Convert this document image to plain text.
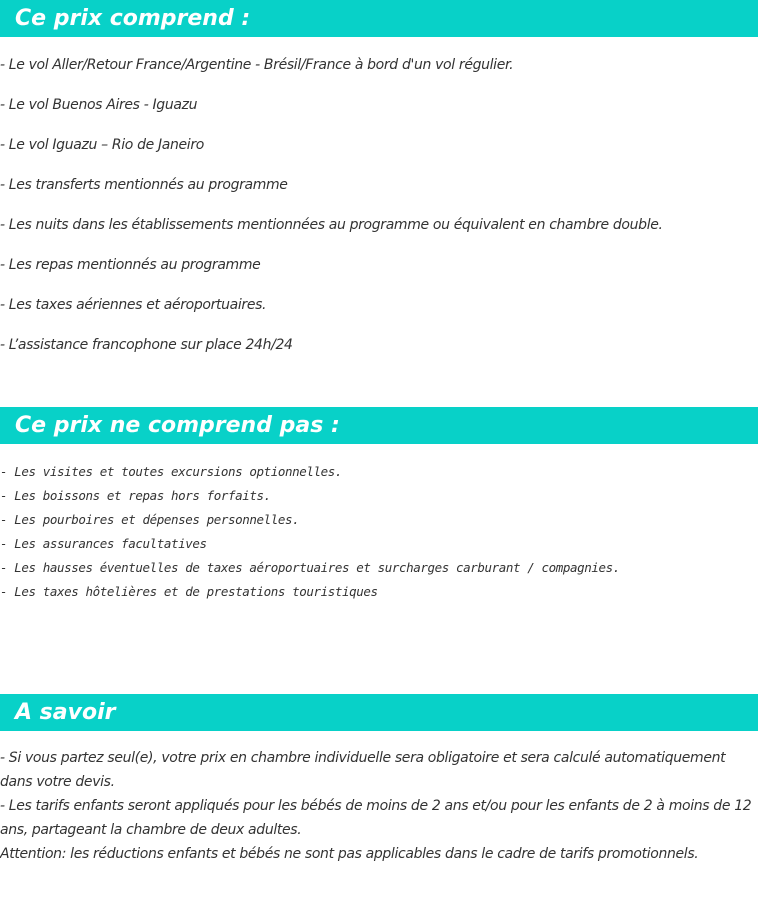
Ce prix comprend :
- Le vol Aller/Retour France/Argentine - Brésil/France à bord d'un vol régulier.
- Le vol Buenos Aires - Iguazu
- Le vol Iguazu – Rio de Janeiro
- Les transferts mentionnés au programme
- Les nuits dans les établissements mentionnées au programme ou équivalent en chambre double.
- Les repas mentionnés au programme
- Les taxes aériennes et aéroportuaires.
- L’assistance francophone sur place 24h/24
Ce prix ne comprend pas :
- Les visites et toutes excursions optionnelles.
- Les boissons et repas hors forfaits.
- Les pourboires et dépenses personnelles.
- Les assurances facultatives
- Les hausses éventuelles de taxes aéroportuaires et surcharges carburant / compagnies.
- Les taxes hôtelières et de prestations touristiques
A savoir

- Si vous partez seul(e), votre prix en chambre individuelle sera obligatoire et sera calculé automatiquement dans votre devis.

- Les tarifs enfants seront appliqués pour les bébés de moins de 2 ans et/ou pour les enfants de 2 à moins de 12 ans, partageant la chambre de deux adultes.

Attention: les réductions enfants et bébés ne sont pas applicables dans le cadre de tarifs promotionnels.
